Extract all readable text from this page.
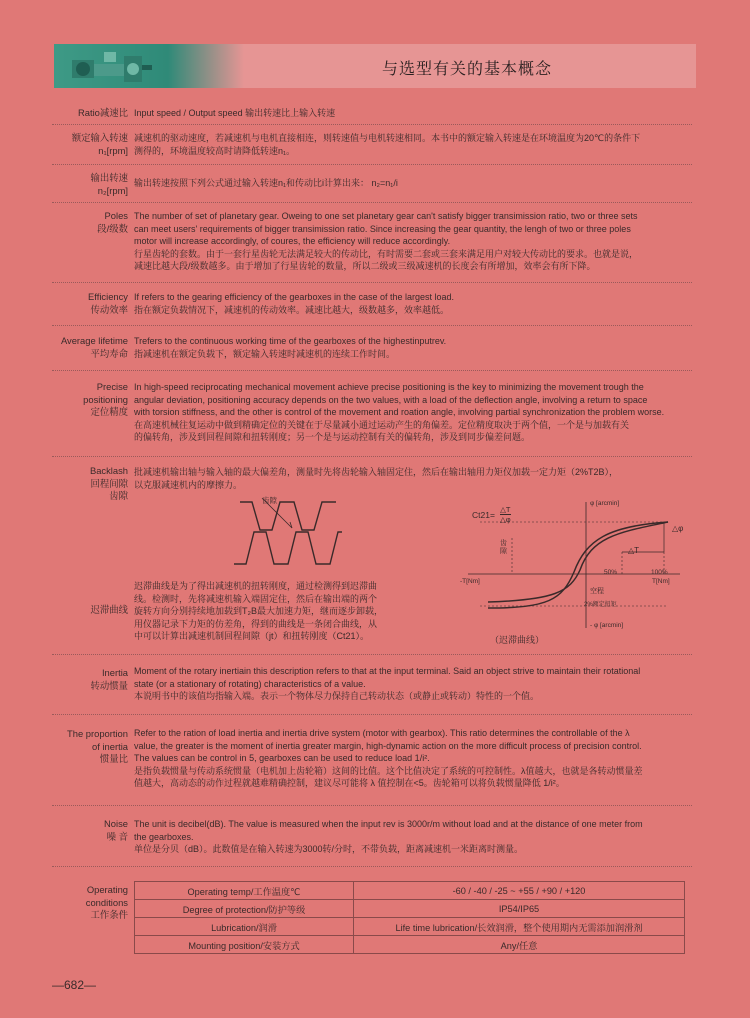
与选型有关的基本概念
Ratio减速比 Input speed / Output speed 输出转速比上输入转速

额定输入转速
n₁[rpm]

减速机的驱动速度，若减速机与电机直接相连，则转速值与电机转速相同。本书中的额定输入转速是在环境温度为20℃的条件下

测得的，环境温度较高时请降低转速n₁。

输出转速
n₂[rpm]

输出转速按照下列公式通过输入转速n₁和传动比i计算出来： n₂=n₁/i

Poles
段/级数

The number of set of planetary gear. Oweing to one set planetary gear can't satisfy bigger transimission ratio, two or three sets

can meet users' requirements of bigger transimission ratio. Since increasing the gear quantity, the lengh of two or three poles

motor will increase accordingly, of coures, the efficiency will reduce accordingly.

行星齿轮的套数。由于一套行星齿轮无法满足较大的传动比，有时需要二套或三套来满足用户对较大传动比的要求。也就是说，

减速比越大段/级数越多。由于增加了行星齿轮的数量，所以二级或三级减速机的长度会有所增加，效率会有所下降。

Efficiency
传动效率

If refers to the gearing efficiency of the gearboxes in the case of the largest load.

指在额定负载情况下，减速机的传动效率。减速比越大，级数越多，效率越低。

Average lifetime
平均寿命

Trefers to the continuous working time of the gearboxes of the highestinputrev.

指减速机在额定负载下，额定输入转速时减速机的连续工作时间。

Precise
positioning
定位精度

In high-speed reciprocating mechanical movement achieve precise positioning is the key to minimizing the movement trough the

angular deviation, positioning accuracy depends on the two values, with a load of the deflection angle, involving a return to space

with torsion stiffness, and the other is control of the movement and roation angle, involving partial synchronization the problem worse.

在高速机械往复运动中做到精确定位的关键在于尽量减小通过运动产生的角偏差。定位精度取决于两个值，一个是与加载有关

的偏转角，涉及到回程间隙和扭转刚度；另一个是与运动控制有关的偏转角，涉及到同步偏差问题。

Backlash
回程间隙
齿隙

批减速机输出轴与输入轴的最大偏差角，测量时先将齿轮输入轴固定住，然后在输出轴用力矩仪加载一定力矩（2%T2B），

以克服减速机内的摩擦力。

齿隙
Ct21=
△T
△φ
φ [arcmin]
- φ [arcmin]
T[Nm]
-T[Nm]
△T
△φ
齿隙
50%	100%
空程
2%额定扭矩
（迟滞曲线）
迟滞曲线

迟滞曲线是为了得出减速机的扭转刚度，通过检测得到迟滞曲

线。检测时，先将减速机输入端固定住，然后在输出端的两个

旋转方向分别持续地加载到T₂B最大加速力矩，继而逐步卸载，

用仪器记录下力矩的仿差角，得到的曲线是一条闭合曲线，从

中可以计算出减速机制回程间隙（jt）和扭转刚度（Ct21）。

Inertia
转动惯量

Moment of the rotary inertiain this description refers to that at the input terminal. Said an object strive to maintain their rotational

state (or a stationary of rotating) characteristics of a value.

本说明书中的该值均指输入端。表示一个物体尽力保持自己转动状态（或静止或转动）特性的一个值。

The proportion
of inertia
惯量比

Refer to the ration of load inertia and inertia drive system (motor with gearbox). This ratio determines the controllable of the λ

value, the greater is the moment of inertia greater margin, high-dynamic action on the more difficult process of precision control.

The values can be control in 5, gearboxes can be used to reduce load 1/i².

是指负载惯量与传动系统惯量（电机加上齿轮箱）这间的比值。这个比值决定了系统的可控制性。λ值越大，也就是各转动惯量差

值越大，高动态的动作过程就越难精确控制，建议尽可能将 λ 值控制在<5。齿轮箱可以将负载惯量降低 1/i²。

Noise
噪 音

The unit is decibel(dB). The value is measured when the input rev is 3000r/m without load and at the distance of one meter from

the gearboxes.

单位是分贝（dB）。此数值是在输入转速为3000转/分时，不带负载，距离减速机一米距离时测量。

Operating
conditions
工作条件
Operating temp/工作温度℃	-60 / -40 / -25 ~ +55 / +90 / +120
Degree of protection/防护等级	IP54/IP65
Lubrication/润滑	Life time lubrication/长效润滑，整个使用期内无需添加润滑剂
Mounting position/安装方式	Any/任意
—682—
